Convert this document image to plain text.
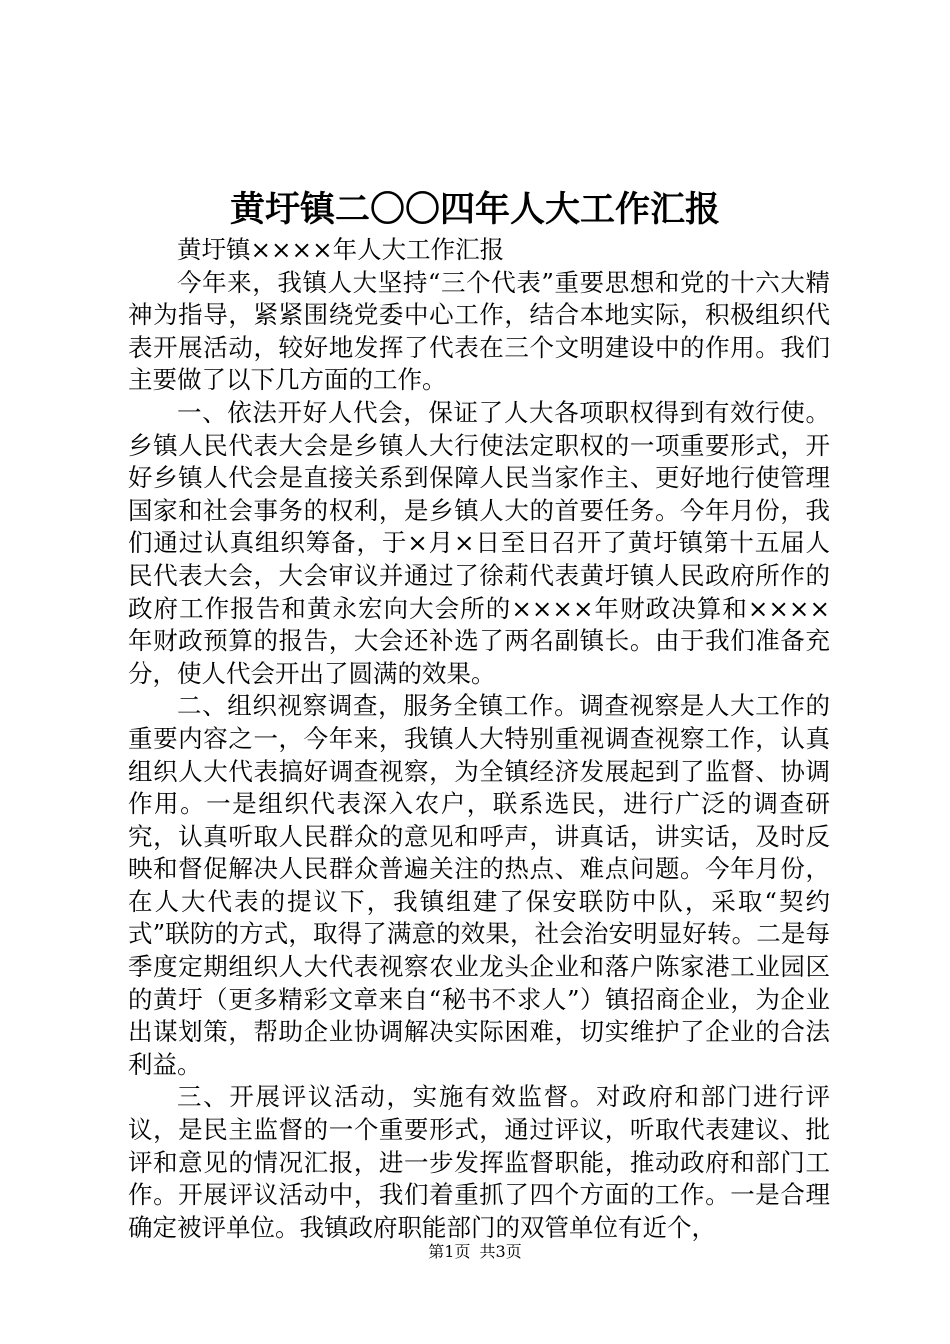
黄圩镇二〇〇四年人大工作汇报

黄圩镇××××年人大工作汇报

今年来，我镇人大坚持“三个代表”重要思想和党的十六大精神为指导，紧紧围绕党委中心工作，结合本地实际，积极组织代表开展活动，较好地发挥了代表在三个文明建设中的作用。我们主要做了以下几方面的工作。

一、依法开好人代会，保证了人大各项职权得到有效行使。乡镇人民代表大会是乡镇人大行使法定职权的一项重要形式，开好乡镇人代会是直接关系到保障人民当家作主、更好地行使管理国家和社会事务的权利，是乡镇人大的首要任务。今年月份，我们通过认真组织筹备，于×月×日至日召开了黄圩镇第十五届人民代表大会，大会审议并通过了徐莉代表黄圩镇人民政府所作的政府工作报告和黄永宏向大会所的××××年财政决算和××××年财政预算的报告，大会还补选了两名副镇长。由于我们准备充分，使人代会开出了圆满的效果。

二、组织视察调查，服务全镇工作。调查视察是人大工作的重要内容之一，今年来，我镇人大特别重视调查视察工作，认真组织人大代表搞好调查视察，为全镇经济发展起到了监督、协调作用。一是组织代表深入农户，联系选民，进行广泛的调查研究，认真听取人民群众的意见和呼声，讲真话，讲实话，及时反映和督促解决人民群众普遍关注的热点、难点问题。今年月份，在人大代表的提议下，我镇组建了保安联防中队，采取“契约式”联防的方式，取得了满意的效果，社会治安明显好转。二是每季度定期组织人大代表视察农业龙头企业和落户陈家港工业园区的黄圩（更多精彩文章来自“秘书不求人”）镇招商企业，为企业出谋划策，帮助企业协调解决实际困难，切实维护了企业的合法利益。

三、开展评议活动，实施有效监督。对政府和部门进行评议，是民主监督的一个重要形式，通过评议，听取代表建议、批评和意见的情况汇报，进一步发挥监督职能，推动政府和部门工作。开展评议活动中，我们着重抓了四个方面的工作。一是合理确定被评单位。我镇政府职能部门的双管单位有近个，

第1页 共3页
